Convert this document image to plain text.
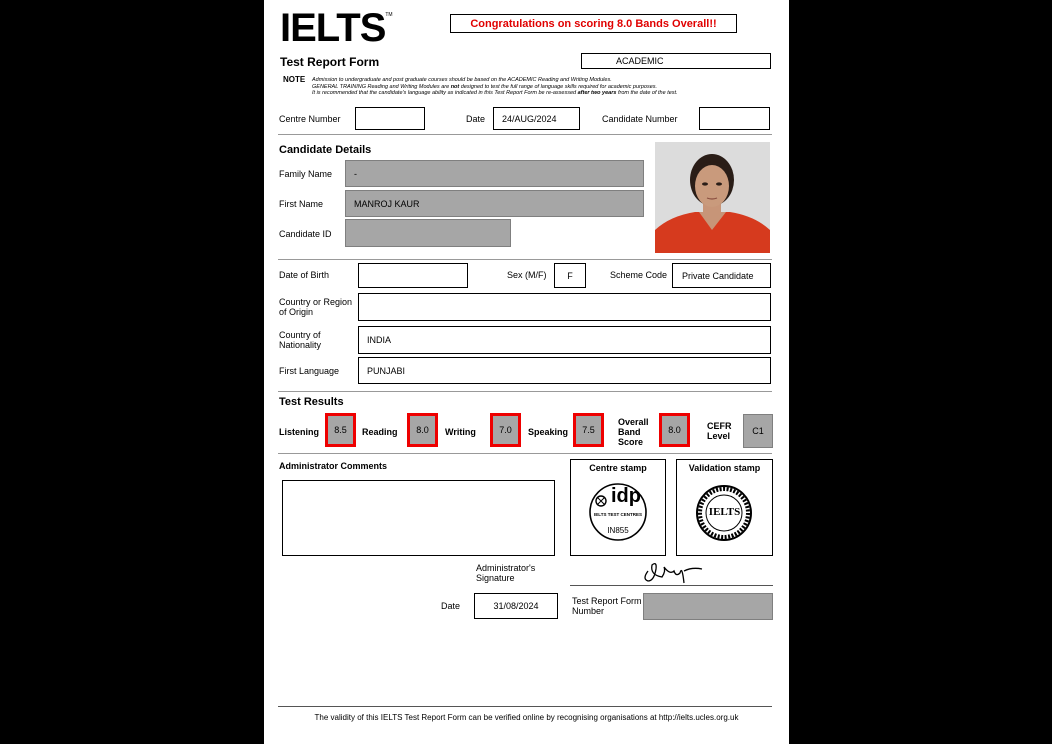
IELTS™
Congratulations on scoring 8.0 Bands Overall!!
Test Report Form	ACADEMIC
NOTE Admission to undergraduate and post graduate courses should be based on the ACADEMIC Reading and Writing Modules.
GENERAL TRAINING Reading and Writing Modules are not designed to test the full range of language skills required for academic purposes.
It is recommended that the candidate's language ability as indicated in this Test Report Form be re-assessed after two years from the date of the test.
Centre Number	Date 24/AUG/2024	Candidate Number
Candidate Details
Family Name -
First Name	MANROJ KAUR
Candidate ID
Date of Birth	Sex (M/F) F	Scheme Code Private Candidate
Country or Region
of Origin
Country of
Nationality	INDIA
First Language	PUNJABI
Test Results
Listening	8.5	Reading	8.0	Writing	7.0	Speaking	7.5
Overall
Band
Score
8.0	CEFR
Level C1
Administrator Comments	Centre stamp
idp
IELTS TEST CENTRES
IN855
Validation stamp
IELTS
Administrator's
Signature
Date	31/08/2024	Test Report Form
Number
The validity of this IELTS Test Report Form can be verified online by recognising organisations at http://ielts.ucles.org.uk
